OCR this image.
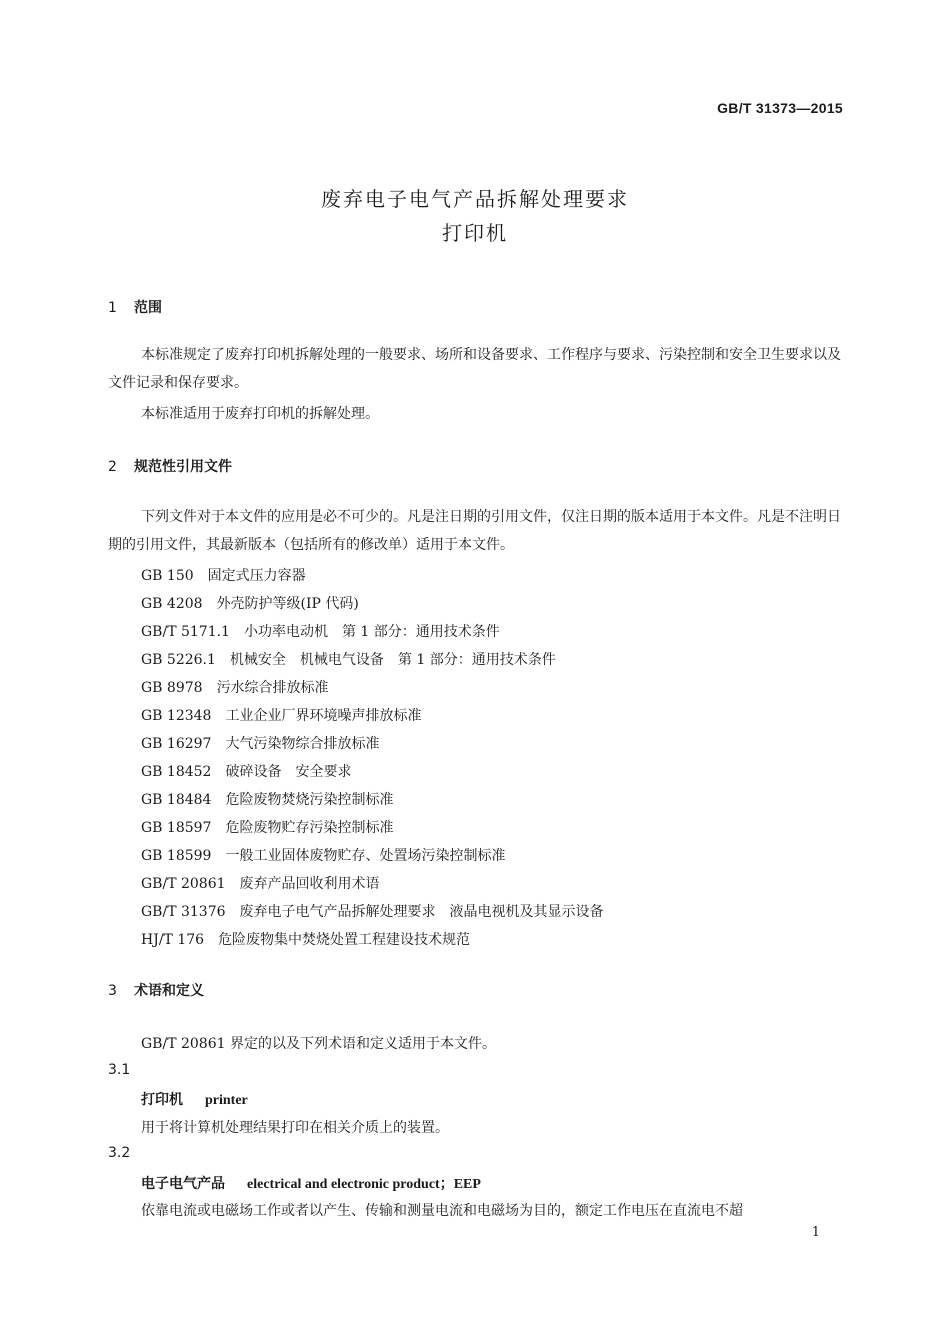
GB/T 31373—2015
废弃电子电气产品拆解处理要求
打印机
1 范围
本标准规定了废弃打印机拆解处理的一般要求、场所和设备要求、工作程序与要求、污染控制和安全卫生要求以及文件记录和保存要求。
本标准适用于废弃打印机的拆解处理。
2 规范性引用文件
下列文件对于本文件的应用是必不可少的。凡是注日期的引用文件，仅注日期的版本适用于本文件。凡是不注明日期的引用文件，其最新版本（包括所有的修改单）适用于本文件。
GB 150 固定式压力容器
GB 4208 外壳防护等级(IP 代码)
GB/T 5171.1 小功率电动机　第 1 部分：通用技术条件
GB 5226.1 机械安全　机械电气设备　第 1 部分：通用技术条件
GB 8978 污水综合排放标准
GB 12348 工业企业厂界环境噪声排放标准
GB 16297 大气污染物综合排放标准
GB 18452 破碎设备　安全要求
GB 18484 危险废物焚烧污染控制标准
GB 18597 危险废物贮存污染控制标准
GB 18599 一般工业固体废物贮存、处置场污染控制标准
GB/T 20861 废弃产品回收利用术语
GB/T 31376 废弃电子电气产品拆解处理要求　液晶电视机及其显示设备
HJ/T 176 危险废物集中焚烧处置工程建设技术规范
3 术语和定义
GB/T 20861 界定的以及下列术语和定义适用于本文件。
3.1
打印机 printer
用于将计算机处理结果打印在相关介质上的装置。
3.2
电子电气产品 electrical and electronic product；EEP
依靠电流或电磁场工作或者以产生、传输和测量电流和电磁场为目的，额定工作电压在直流电不超
1
